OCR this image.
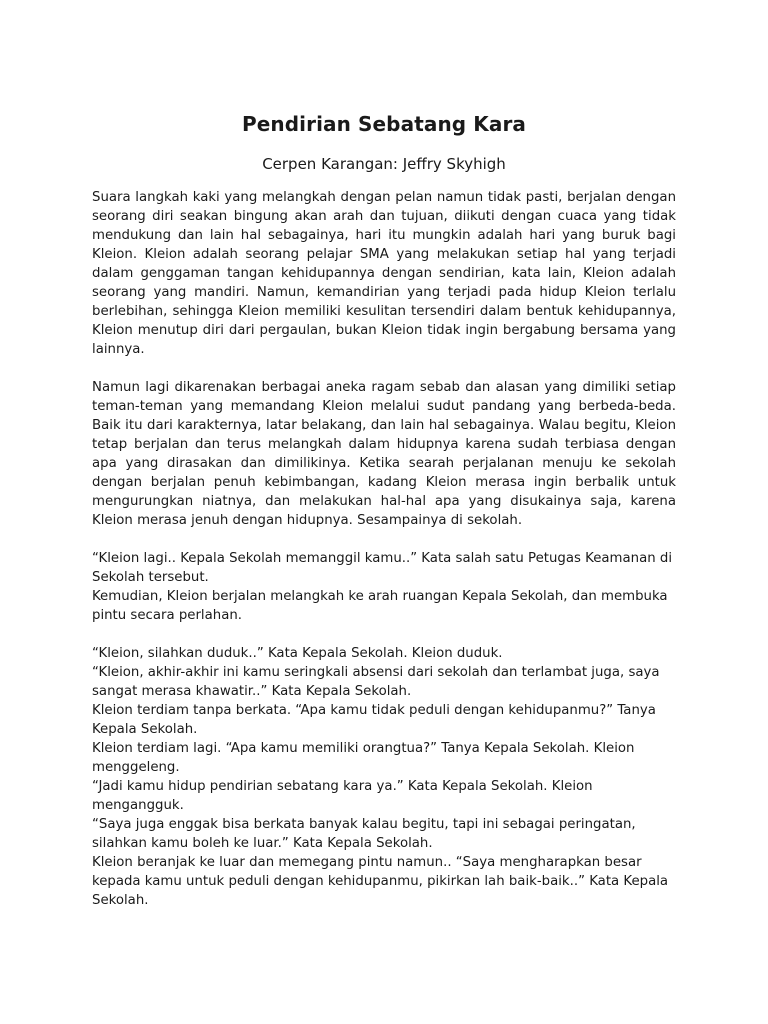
Pendirian Sebatang Kara
Cerpen Karangan: Jeffry Skyhigh

Suara langkah kaki yang melangkah dengan pelan namun tidak pasti, berjalan dengan seorang diri seakan bingung akan arah dan tujuan, diikuti dengan cuaca yang tidak mendukung dan lain hal sebagainya, hari itu mungkin adalah hari yang buruk bagi Kleion. Kleion adalah seorang pelajar SMA yang melakukan setiap hal yang terjadi dalam genggaman tangan kehidupannya dengan sendirian, kata lain, Kleion adalah seorang yang mandiri. Namun, kemandirian yang terjadi pada hidup Kleion terlalu berlebihan, sehingga Kleion memiliki kesulitan tersendiri dalam bentuk kehidupannya, Kleion menutup diri dari pergaulan, bukan Kleion tidak ingin bergabung bersama yang lainnya.

Namun lagi dikarenakan berbagai aneka ragam sebab dan alasan yang dimiliki setiap teman-teman yang memandang Kleion melalui sudut pandang yang berbeda-beda. Baik itu dari karakternya, latar belakang, dan lain hal sebagainya. Walau begitu, Kleion tetap berjalan dan terus melangkah dalam hidupnya karena sudah terbiasa dengan apa yang dirasakan dan dimilikinya. Ketika searah perjalanan menuju ke sekolah dengan berjalan penuh kebimbangan, kadang Kleion merasa ingin berbalik untuk mengurungkan niatnya, dan melakukan hal-hal apa yang disukainya saja, karena Kleion merasa jenuh dengan hidupnya. Sesampainya di sekolah.

“Kleion lagi.. Kepala Sekolah memanggil kamu..” Kata salah satu Petugas Keamanan di Sekolah tersebut.

Kemudian, Kleion berjalan melangkah ke arah ruangan Kepala Sekolah, dan membuka pintu secara perlahan.

“Kleion, silahkan duduk..” Kata Kepala Sekolah. Kleion duduk.

“Kleion, akhir-akhir ini kamu seringkali absensi dari sekolah dan terlambat juga, saya sangat merasa khawatir..” Kata Kepala Sekolah.

Kleion terdiam tanpa berkata. “Apa kamu tidak peduli dengan kehidupanmu?” Tanya Kepala Sekolah.

Kleion terdiam lagi. “Apa kamu memiliki orangtua?” Tanya Kepala Sekolah. Kleion menggeleng.

“Jadi kamu hidup pendirian sebatang kara ya.” Kata Kepala Sekolah. Kleion mengangguk.

“Saya juga enggak bisa berkata banyak kalau begitu, tapi ini sebagai peringatan, silahkan kamu boleh ke luar.” Kata Kepala Sekolah.

Kleion beranjak ke luar dan memegang pintu namun.. “Saya mengharapkan besar kepada kamu untuk peduli dengan kehidupanmu, pikirkan lah baik-baik..” Kata Kepala Sekolah.
